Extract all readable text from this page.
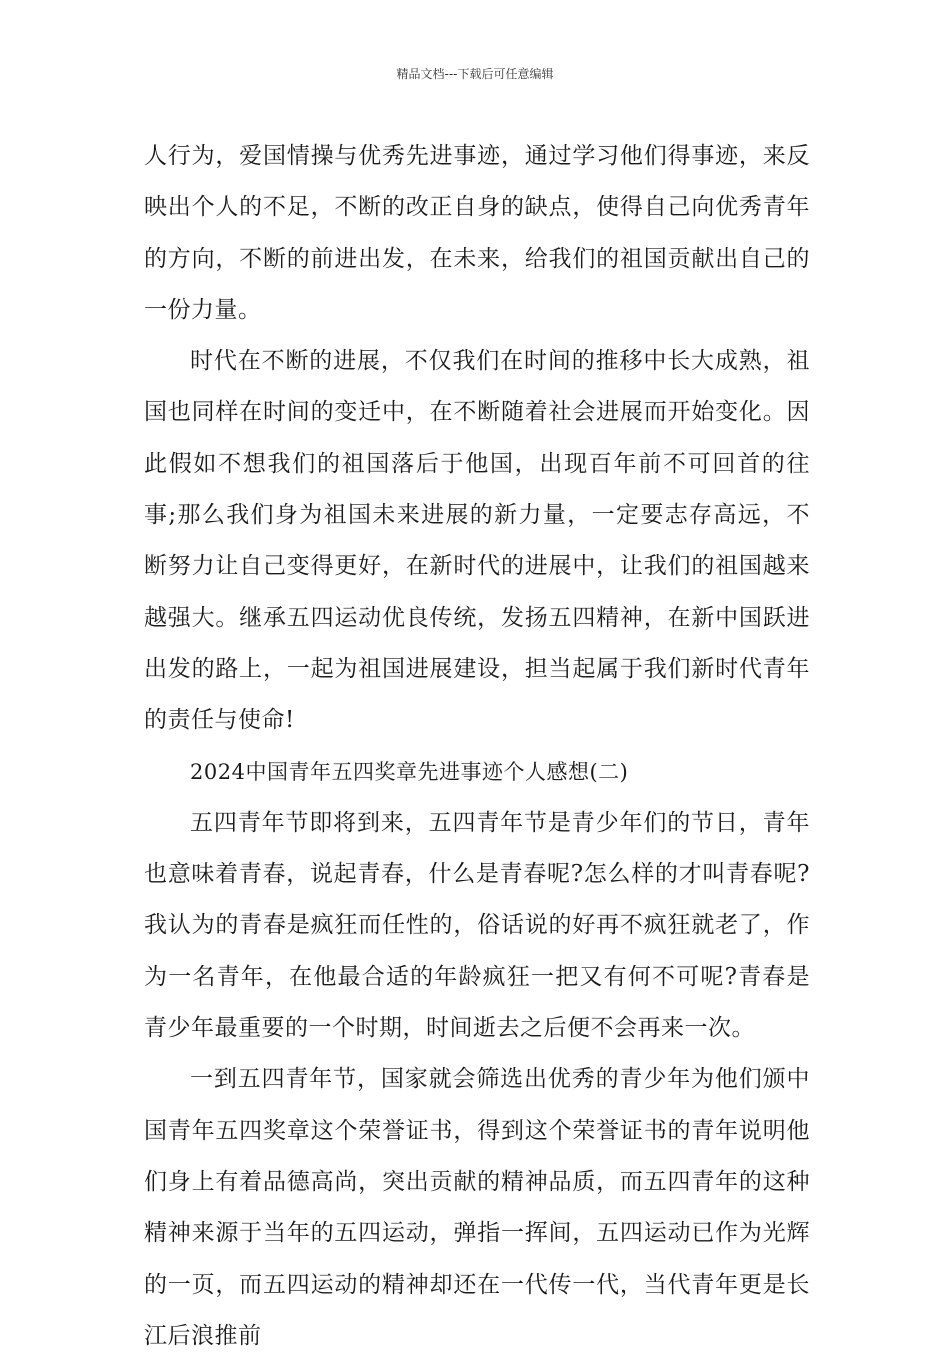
精品文档---下载后可任意编辑

人行为，爱国情操与优秀先进事迹，通过学习他们得事迹，来反映出个人的不足，不断的改正自身的缺点，使得自己向优秀青年的方向，不断的前进出发，在未来，给我们的祖国贡献出自己的一份力量。

时代在不断的进展，不仅我们在时间的推移中长大成熟，祖国也同样在时间的变迁中，在不断随着社会进展而开始变化。因此假如不想我们的祖国落后于他国，出现百年前不可回首的往事;那么我们身为祖国未来进展的新力量，一定要志存高远，不断努力让自己变得更好，在新时代的进展中，让我们的祖国越来越强大。继承五四运动优良传统，发扬五四精神，在新中国跃进出发的路上，一起为祖国进展建设，担当起属于我们新时代青年的责任与使命!

2024中国青年五四奖章先进事迹个人感想(二)

五四青年节即将到来，五四青年节是青少年们的节日，青年也意味着青春，说起青春，什么是青春呢?怎么样的才叫青春呢?我认为的青春是疯狂而任性的，俗话说的好再不疯狂就老了，作为一名青年，在他最合适的年龄疯狂一把又有何不可呢?青春是青少年最重要的一个时期，时间逝去之后便不会再来一次。

一到五四青年节，国家就会筛选出优秀的青少年为他们颁中国青年五四奖章这个荣誉证书，得到这个荣誉证书的青年说明他们身上有着品德高尚，突出贡献的精神品质，而五四青年的这种精神来源于当年的五四运动，弹指一挥间，五四运动已作为光辉的一页，而五四运动的精神却还在一代传一代，当代青年更是长江后浪推前
